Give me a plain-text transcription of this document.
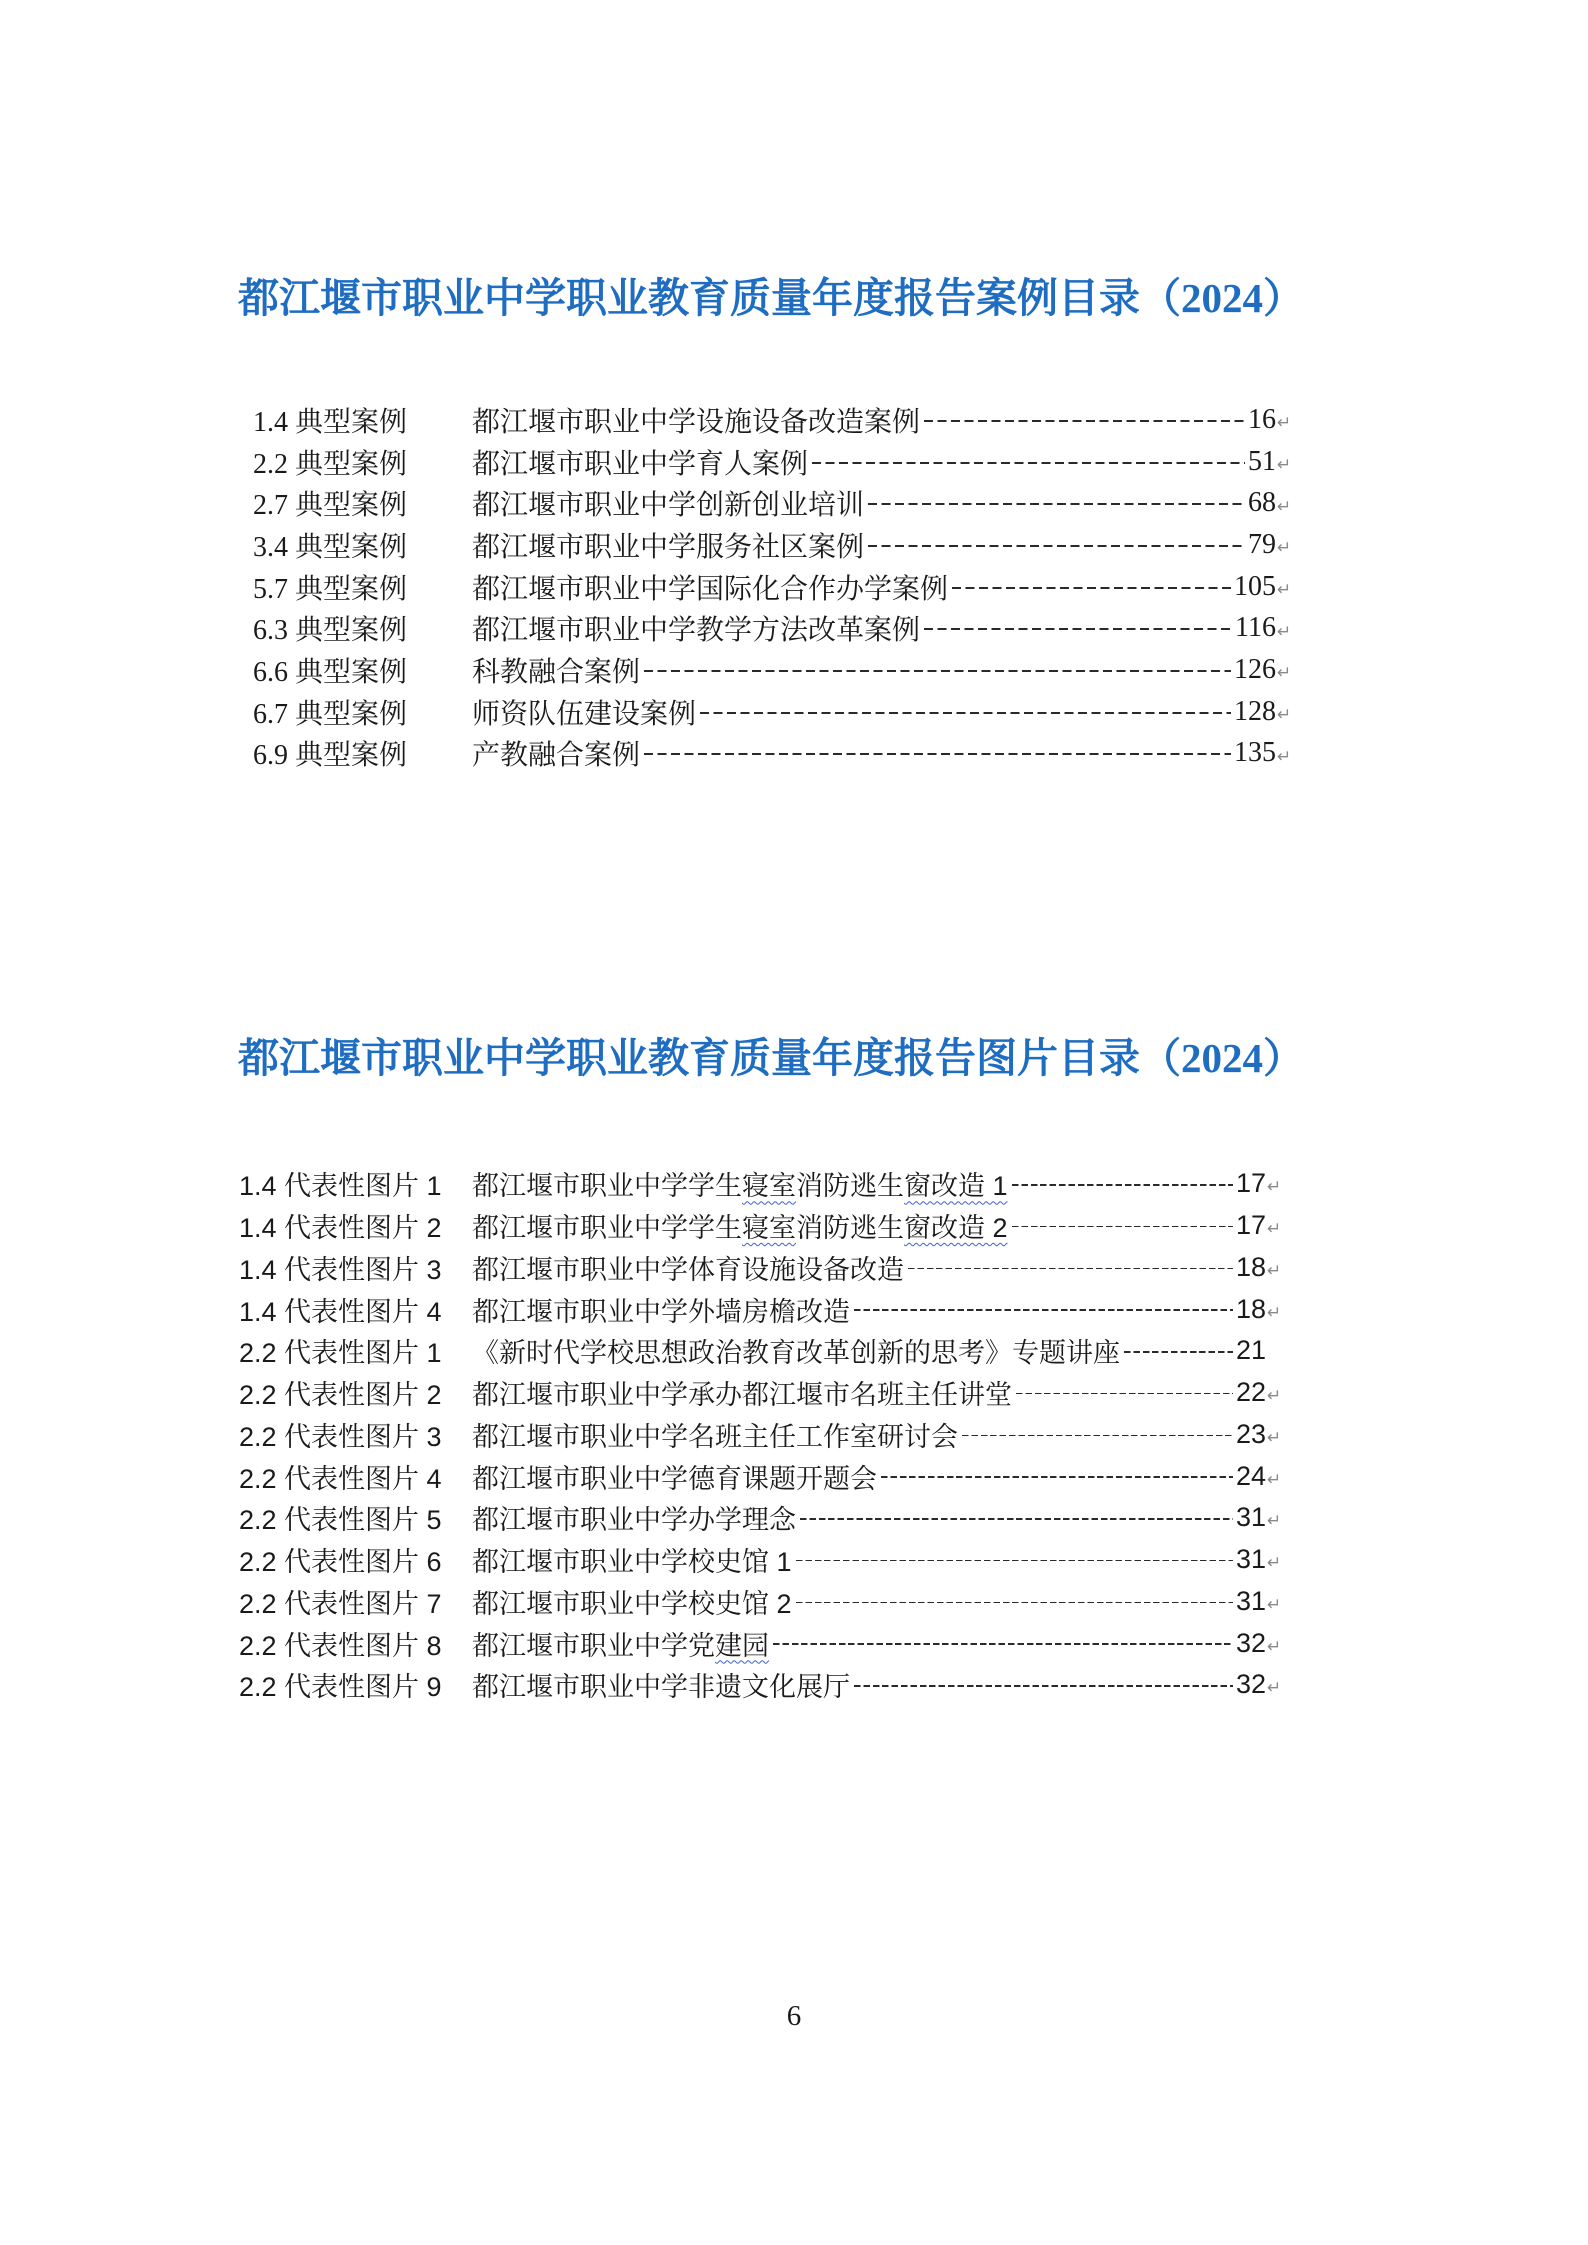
都江堰市职业中学职业教育质量年度报告案例目录（2024）
1.4 典型案例	都江堰市职业中学设施设备改造案例	16 ↵
2.2 典型案例	都江堰市职业中学育人案例	51 ↵
2.7 典型案例	都江堰市职业中学创新创业培训	68 ↵
3.4 典型案例	都江堰市职业中学服务社区案例	79 ↵
5.7 典型案例	都江堰市职业中学国际化合作办学案例	105 ↵
6.3 典型案例	都江堰市职业中学教学方法改革案例	116 ↵
6.6 典型案例	科教融合案例	126 ↵
6.7 典型案例	师资队伍建设案例	128 ↵
6.9 典型案例	产教融合案例	135 ↵
都江堰市职业中学职业教育质量年度报告图片目录（2024）
1.4 代表性图片 1	都江堰市职业中学学生寝室消防逃生窗改造 1	17 ↵
1.4 代表性图片 2	都江堰市职业中学学生寝室消防逃生窗改造 2	17 ↵
1.4 代表性图片 3	都江堰市职业中学体育设施设备改造	18 ↵
1.4 代表性图片 4	都江堰市职业中学外墙房檐改造	18 ↵
2.2 代表性图片 1	《新时代学校思想政治教育改革创新的思考》专题讲座	21
2.2 代表性图片 2	都江堰市职业中学承办都江堰市名班主任讲堂	22 ↵
2.2 代表性图片 3	都江堰市职业中学名班主任工作室研讨会	23 ↵
2.2 代表性图片 4	都江堰市职业中学德育课题开题会	24 ↵
2.2 代表性图片 5	都江堰市职业中学办学理念	31 ↵
2.2 代表性图片 6	都江堰市职业中学校史馆 1	31 ↵
2.2 代表性图片 7	都江堰市职业中学校史馆 2	31 ↵
2.2 代表性图片 8	都江堰市职业中学党建园	32 ↵
2.2 代表性图片 9	都江堰市职业中学非遗文化展厅	32 ↵
6
